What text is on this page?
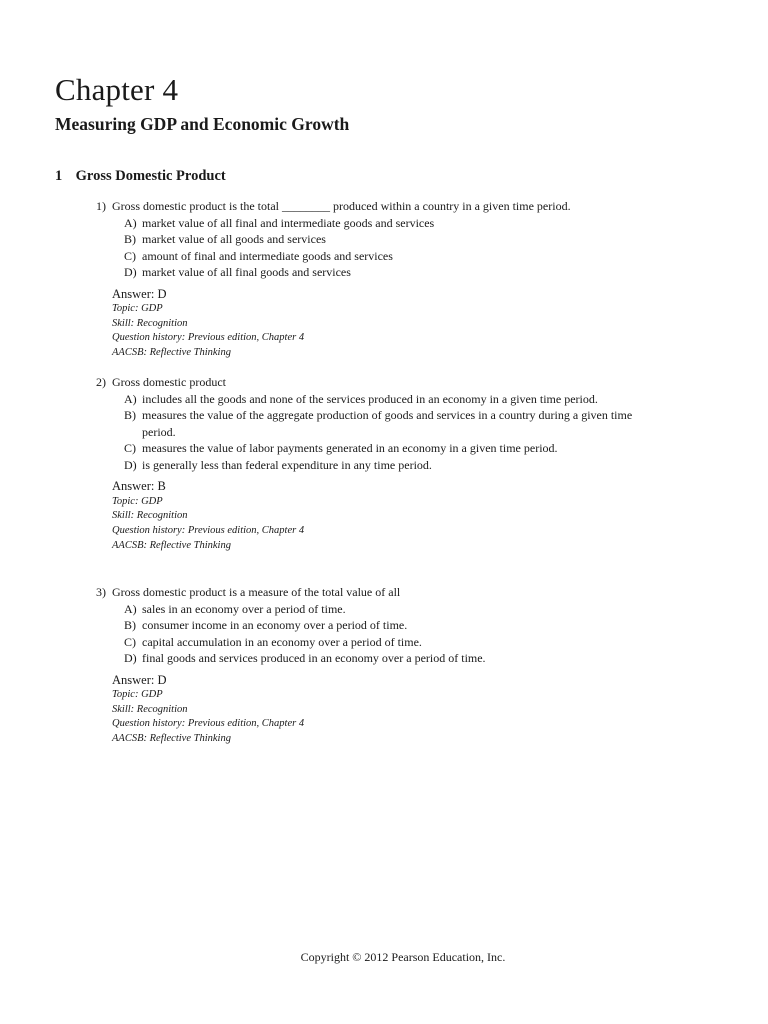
Chapter 4
Measuring GDP and Economic Growth
1 Gross Domestic Product
1) Gross domestic product is the total ________ produced within a country in a given time period.
A) market value of all final and intermediate goods and services
B) market value of all goods and services
C) amount of final and intermediate goods and services
D) market value of all final goods and services
Answer: D
Topic: GDP
Skill: Recognition
Question history: Previous edition, Chapter 4
AACSB: Reflective Thinking
2) Gross domestic product
A) includes all the goods and none of the services produced in an economy in a given time period.
B) measures the value of the aggregate production of goods and services in a country during a given time period.
C) measures the value of labor payments generated in an economy in a given time period.
D) is generally less than federal expenditure in any time period.
Answer: B
Topic: GDP
Skill: Recognition
Question history: Previous edition, Chapter 4
AACSB: Reflective Thinking
3) Gross domestic product is a measure of the total value of all
A) sales in an economy over a period of time.
B) consumer income in an economy over a period of time.
C) capital accumulation in an economy over a period of time.
D) final goods and services produced in an economy over a period of time.
Answer: D
Topic: GDP
Skill: Recognition
Question history: Previous edition, Chapter 4
AACSB: Reflective Thinking
Copyright © 2012 Pearson Education, Inc.
